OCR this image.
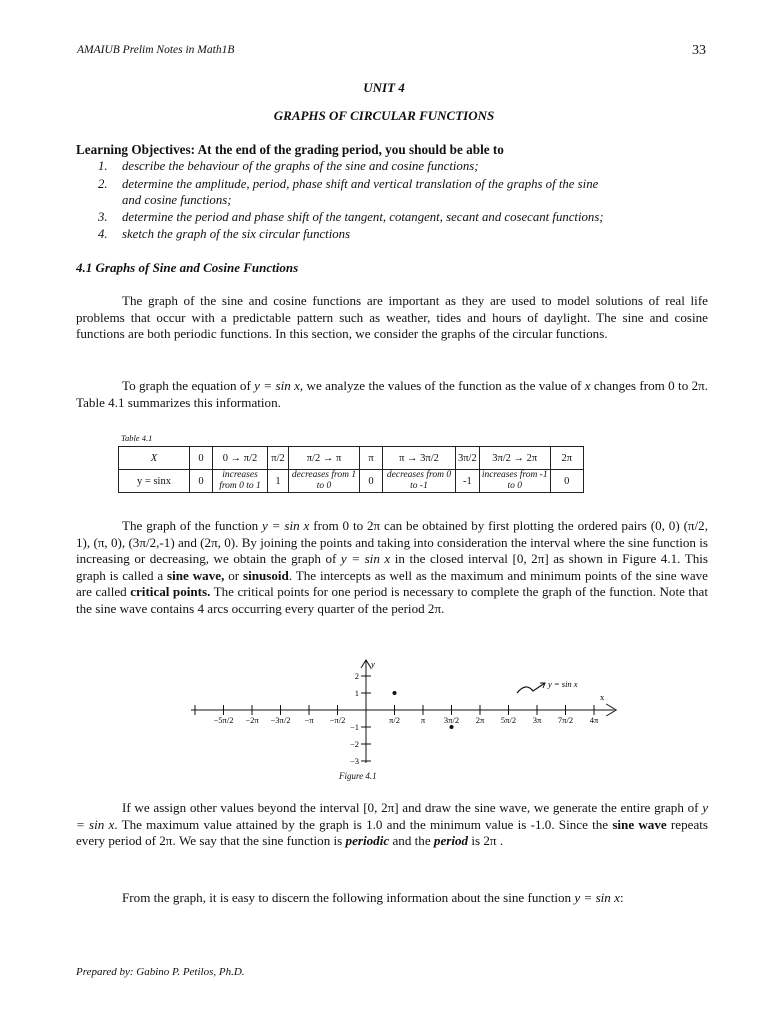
AMAIUB Prelim Notes in Math1B	33
UNIT 4
GRAPHS OF CIRCULAR FUNCTIONS
Learning Objectives: At the end of the grading period, you should be able to
1. describe the behaviour of the graphs of the sine and cosine functions;
2. determine the amplitude, period, phase shift and vertical translation of the graphs of the sine
and cosine functions;
3. determine the period and phase shift of the tangent, cotangent, secant and cosecant functions;
4. sketch the graph of the six circular functions
4.1 Graphs of Sine and Cosine Functions
The graph of the sine and cosine functions are important as they are used to model solutions of real life problems that occur with a predictable pattern such as weather, tides and hours of daylight. The sine and cosine functions are both periodic functions. In this section, we consider the graphs of the circular functions.
To graph the equation of y = sin x, we analyze the values of the function as the value of x changes from 0 to 2π. Table 4.1 summarizes this information.
Table 4.1
X	0	0 → π/2	π/2	π/2 → π	π	π → 3π/2	3π/2	3π/2 → 2π	2π
y = sinx	0	increases from 0 to 1	1	decreases from 1 to 0	0	decreases from 0 to -1	-1	increases from -1 to 0	0
The graph of the function y = sin x from 0 to 2π can be obtained by first plotting the ordered pairs (0, 0) (π/2, 1), (π, 0), (3π/2,-1) and (2π, 0). By joining the points and taking into consideration the interval where the sine function is increasing or decreasing, we obtain the graph of y = sin x in the closed interval [0, 2π] as shown in Figure 4.1. This graph is called a sine wave, or sinusoid. The intercepts as well as the maximum and minimum points of the sine wave are called critical points. The critical points for one period is necessary to complete the graph of the function. Note that the sine wave contains 4 arcs occurring every quarter of the period 2π.
−5π/2 −2π −3π/2 −π −π/2	π/2 π 3π/2 2π 5π/2 3π 7π/2 4π
2
1
−1
−2
−3
y
x
y = sin x
Figure 4.1
If we assign other values beyond the interval [0, 2π] and draw the sine wave, we generate the entire graph of y = sin x. The maximum value attained by the graph is 1.0 and the minimum value is -1.0. Since the sine wave repeats every period of 2π. We say that the sine function is periodic and the period is 2π .
From the graph, it is easy to discern the following information about the sine function y = sin x:
Prepared by: Gabino P. Petilos, Ph.D.
